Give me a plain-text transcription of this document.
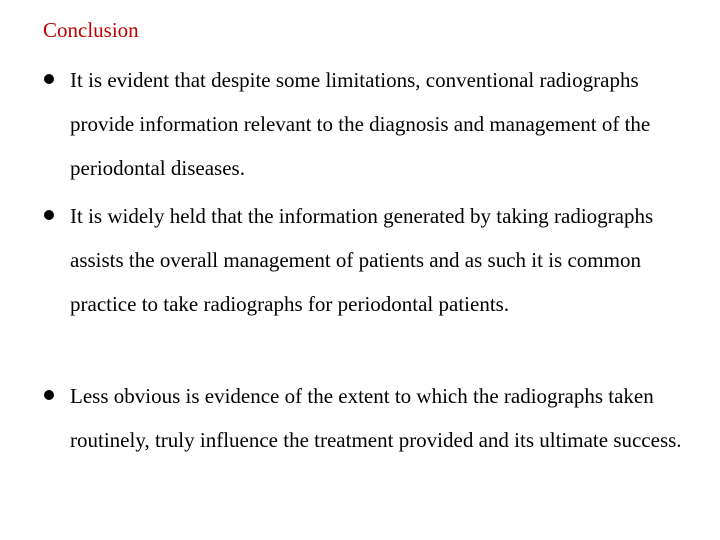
Conclusion

It is evident that despite some limitations, conventional radiographs provide information relevant to the diagnosis and management of the periodontal diseases.

It is widely held that the information generated by taking radiographs assists the overall management of patients and as such it is common practice to take radiographs for periodontal patients.

Less obvious is evidence of the extent to which the radiographs taken routinely, truly influence the treatment provided and its ultimate success.
